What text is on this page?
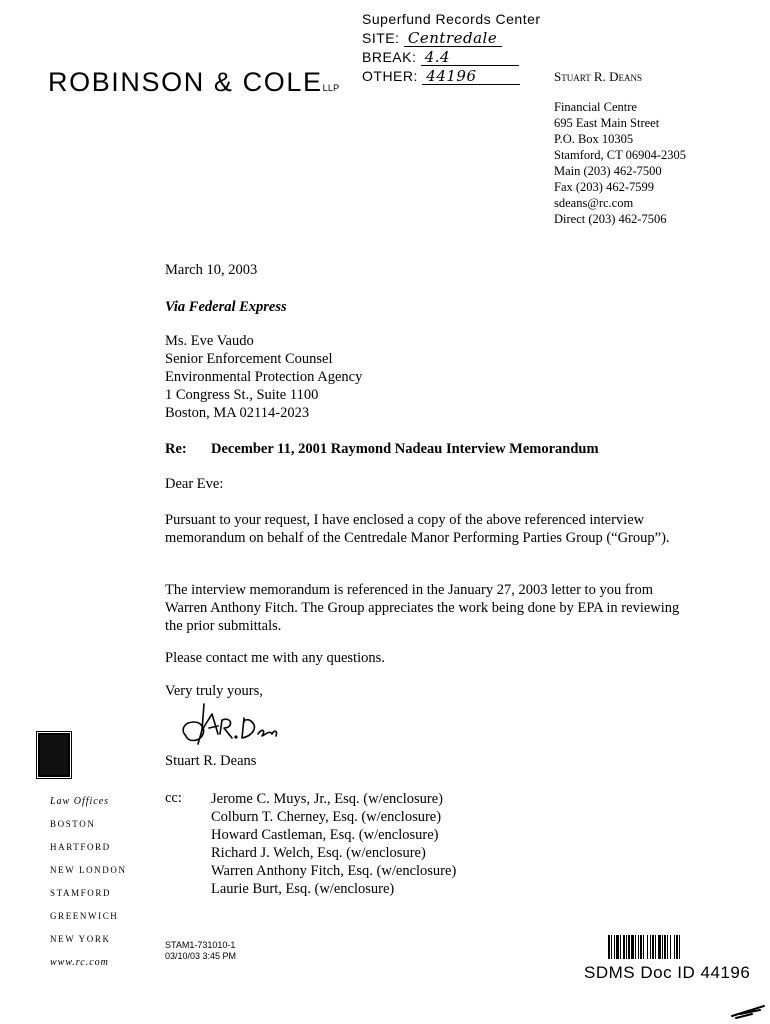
Superfund Records Center
SITE: Centredale
BREAK: 4.4
OTHER: 44196
ROBINSON & COLELLP
Stuart R. Deans
Financial Centre
695 East Main Street
P.O. Box 10305
Stamford, CT 06904-2305
Main (203) 462-7500
Fax (203) 462-7599
sdeans@rc.com
Direct (203) 462-7506
March 10, 2003
Via Federal Express
Ms. Eve Vaudo
Senior Enforcement Counsel
Environmental Protection Agency
1 Congress St., Suite 1100
Boston, MA 02114-2023
Re: December 11, 2001 Raymond Nadeau Interview Memorandum
Dear Eve:
Pursuant to your request, I have enclosed a copy of the above referenced interview memorandum on behalf of the Centredale Manor Performing Parties Group (“Group”).
The interview memorandum is referenced in the January 27, 2003 letter to you from Warren Anthony Fitch. The Group appreciates the work being done by EPA in reviewing the prior submittals.
Please contact me with any questions.
Very truly yours,
Stuart R. Deans
Law Offices
BOSTON
HARTFORD
NEW LONDON
STAMFORD
GREENWICH
NEW YORK
www.rc.com
cc: Jerome C. Muys, Jr., Esq. (w/enclosure)
Colburn T. Cherney, Esq. (w/enclosure)
Howard Castleman, Esq. (w/enclosure)
Richard J. Welch, Esq. (w/enclosure)
Warren Anthony Fitch, Esq. (w/enclosure)
Laurie Burt, Esq. (w/enclosure)
STAM1-731010-1
03/10/03 3:45 PM
SDMS Doc ID 44196
